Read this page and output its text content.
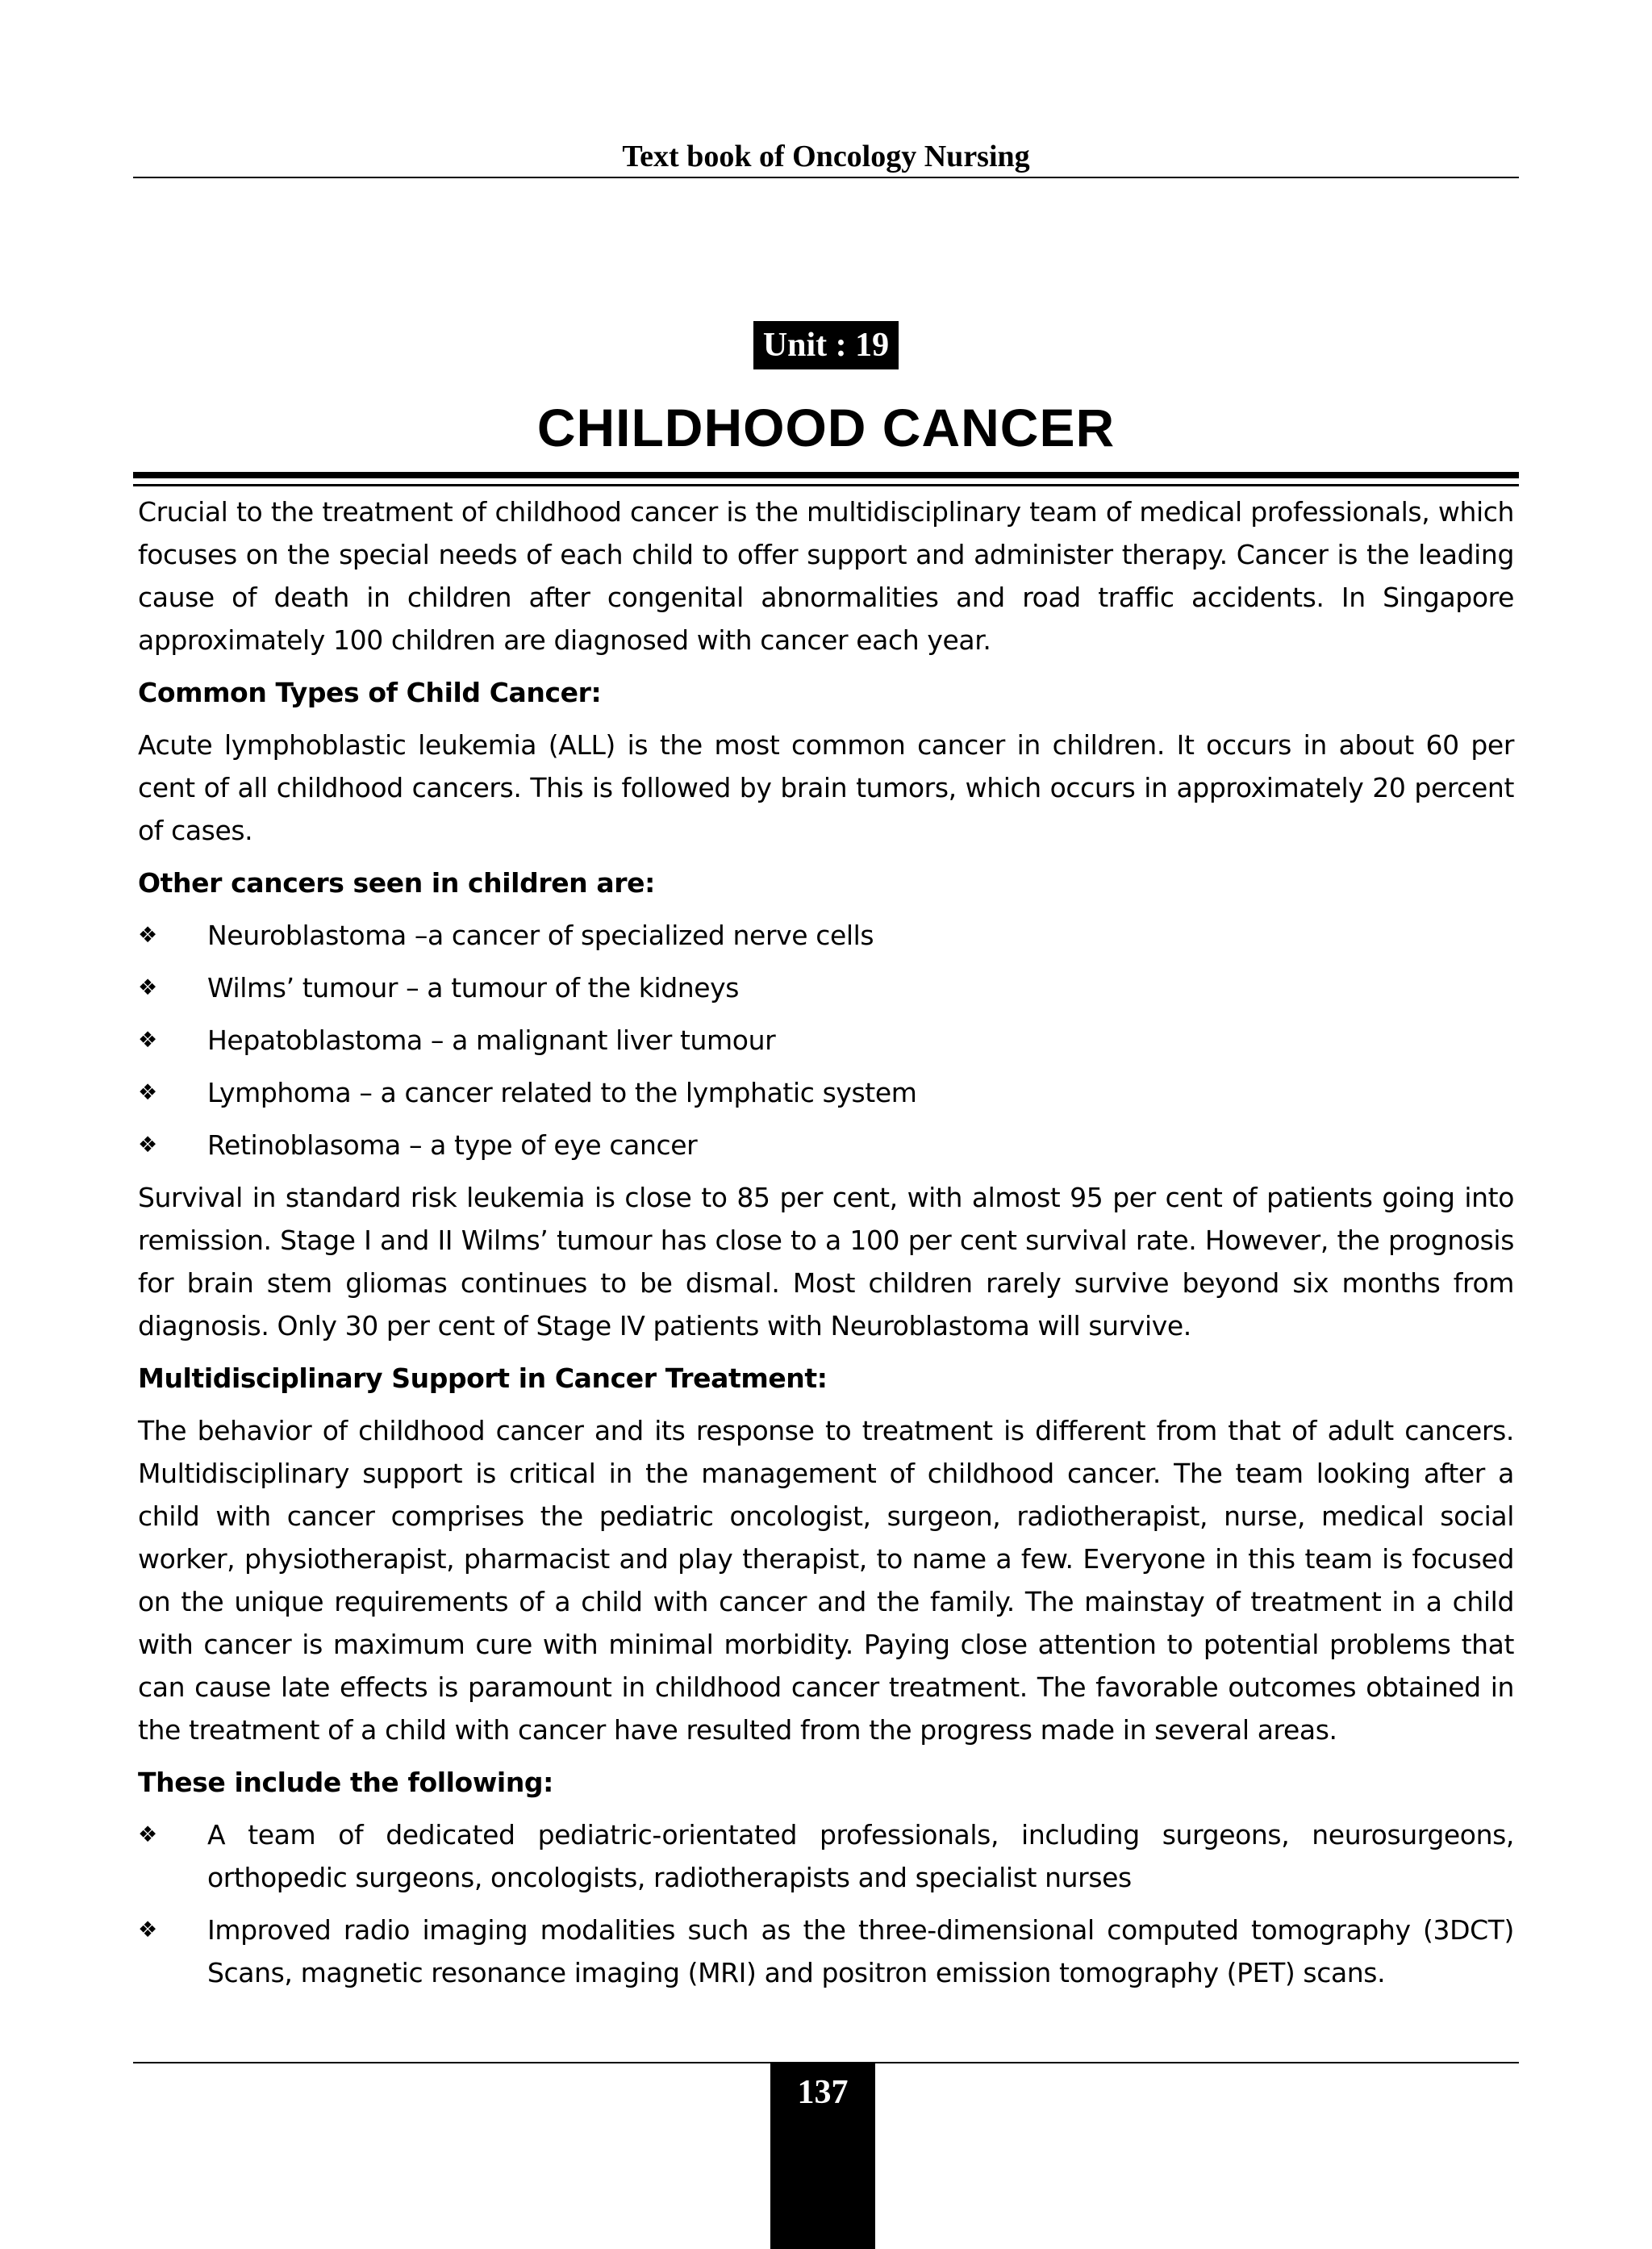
Text book of Oncology Nursing
Unit : 19
CHILDHOOD CANCER

Crucial to the treatment of childhood cancer is the multidisciplinary team of medical professionals, which focuses on the special needs of each child to offer support and administer therapy. Cancer is the leading cause of death in children after congenital abnormalities and road traffic accidents. In Singapore approximately 100 children are diagnosed with cancer each year.

Common Types of Child Cancer:

Acute lymphoblastic leukemia (ALL) is the most common cancer in children. It occurs in about 60 per cent of all childhood cancers. This is followed by brain tumors, which occurs in approximately 20 percent of cases.

Other cancers seen in children are:
❖	Neuroblastoma –a cancer of specialized nerve cells
❖	Wilms’ tumour – a tumour of the kidneys
❖	Hepatoblastoma – a malignant liver tumour
❖	Lymphoma – a cancer related to the lymphatic system
❖	Retinoblasoma – a type of eye cancer

Survival in standard risk leukemia is close to 85 per cent, with almost 95 per cent of patients going into remission. Stage I and II Wilms’ tumour has close to a 100 per cent survival rate. However, the prognosis for brain stem gliomas continues to be dismal. Most children rarely survive beyond six months from diagnosis. Only 30 per cent of Stage IV patients with Neuroblastoma will survive.

Multidisciplinary Support in Cancer Treatment:

The behavior of childhood cancer and its response to treatment is different from that of adult cancers. Multidisciplinary support is critical in the management of childhood cancer. The team looking after a child with cancer comprises the pediatric oncologist, surgeon, radiotherapist, nurse, medical social worker, physiotherapist, pharmacist and play therapist, to name a few. Everyone in this team is focused on the unique requirements of a child with cancer and the family. The mainstay of treatment in a child with cancer is maximum cure with minimal morbidity. Paying close attention to potential problems that can cause late effects is paramount in childhood cancer treatment. The favorable outcomes obtained in the treatment of a child with cancer have resulted from the progress made in several areas.

These include the following:
❖	A team of dedicated pediatric-orientated professionals, including surgeons, neurosurgeons, orthopedic surgeons, oncologists, radiotherapists and specialist nurses
❖	Improved radio imaging modalities such as the three-dimensional computed tomography (3DCT) Scans, magnetic resonance imaging (MRI) and positron emission tomography (PET) scans.
137
